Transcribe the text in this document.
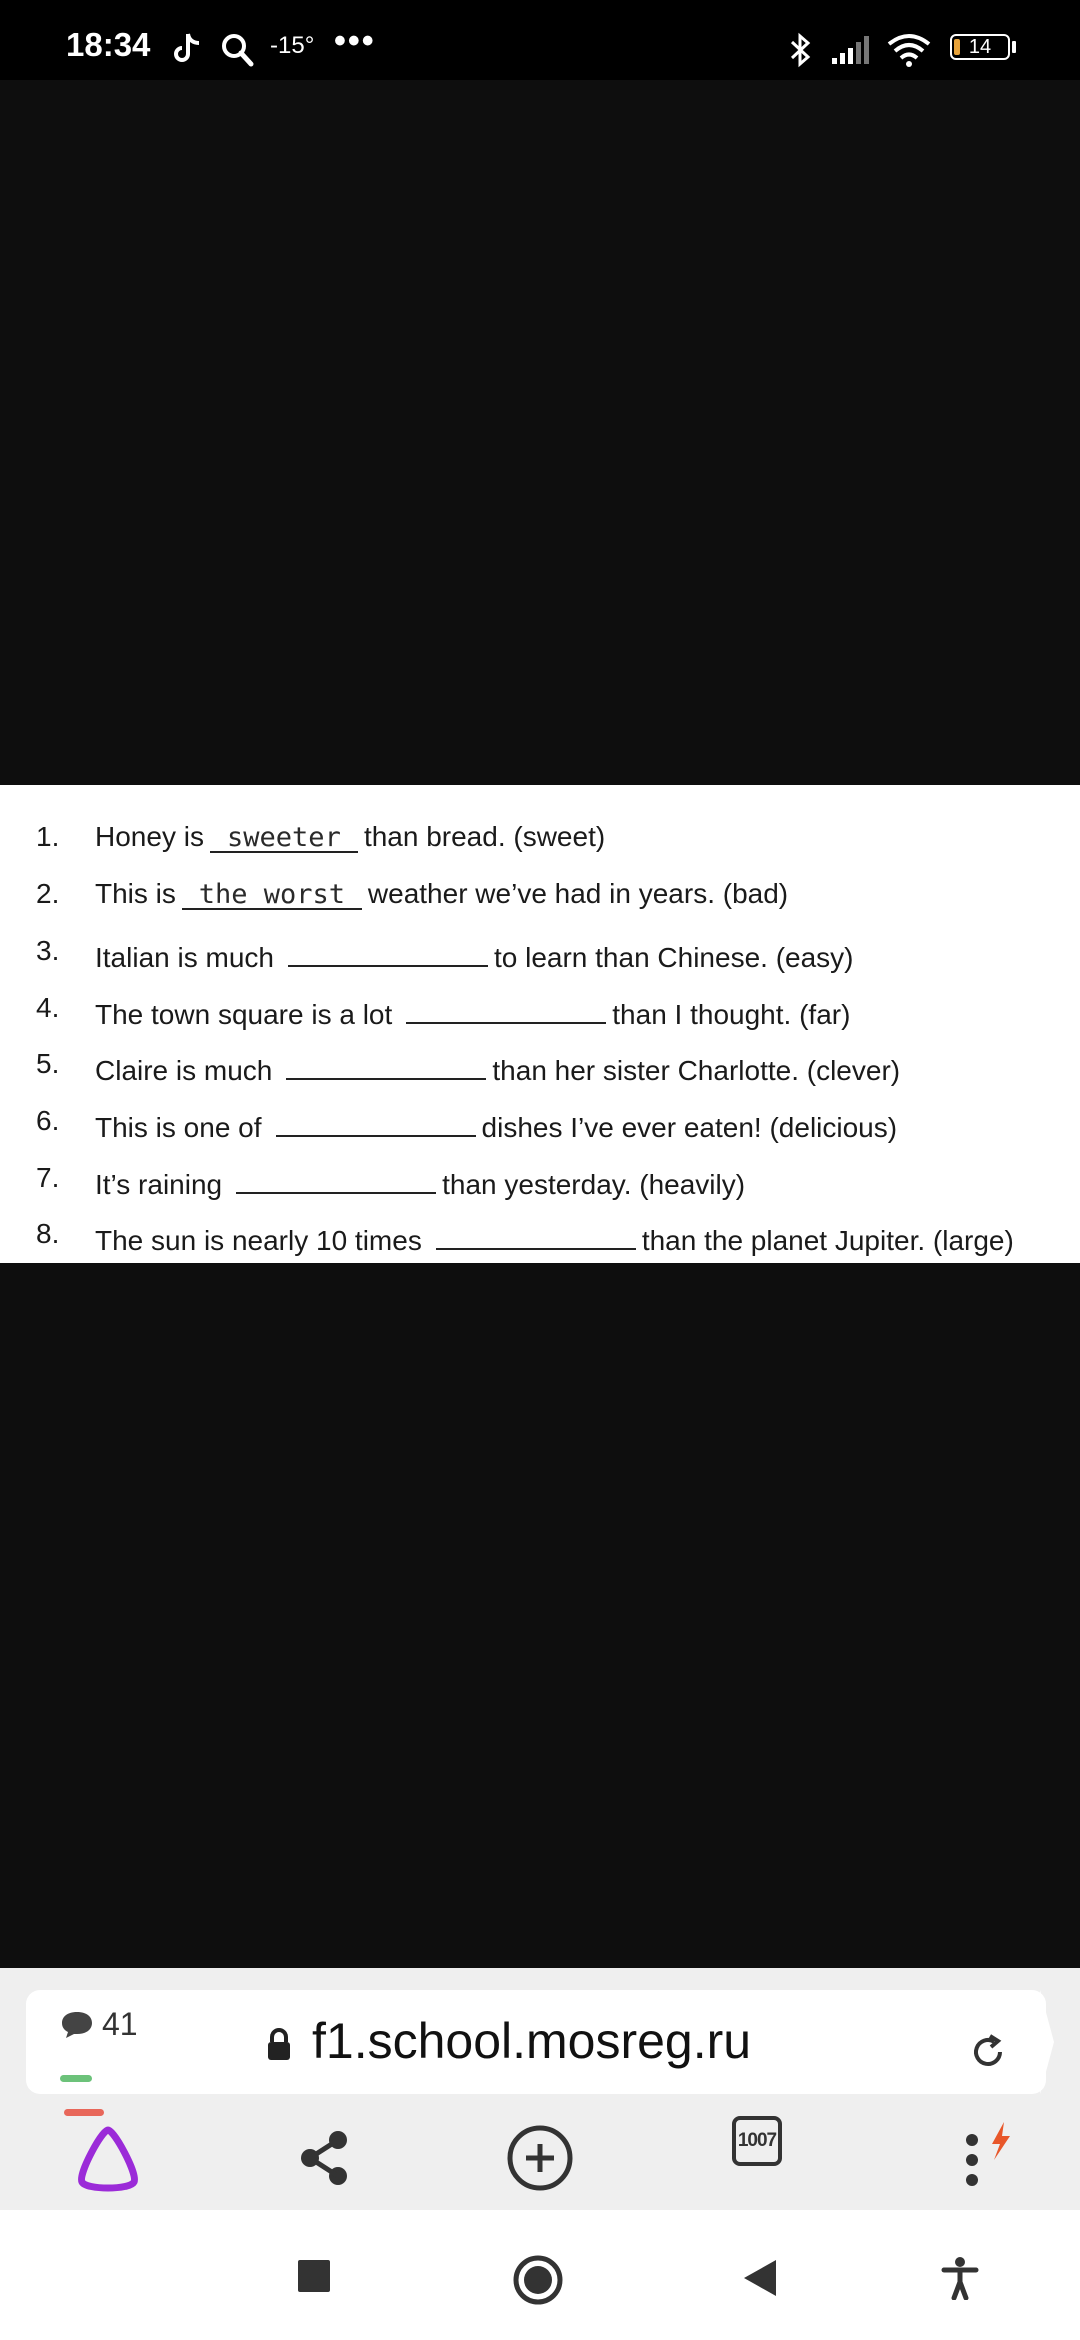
18:34	-15° •••	14
1. Honey is sweeter than bread. (sweet)
2. This is the worst weather we’ve had in years. (bad)
3. Italian is much	to learn than Chinese. (easy)
4. The town square is a lot	than I thought. (far)
5. Claire is much	than her sister Charlotte. (clever)
6. This is one of	dishes I’ve ever eaten! (delicious)
7. It’s raining	than yesterday. (heavily)
8. The sun is nearly 10 times	than the planet Jupiter. (large)
41
	f1.school.mosreg.ru
1007
